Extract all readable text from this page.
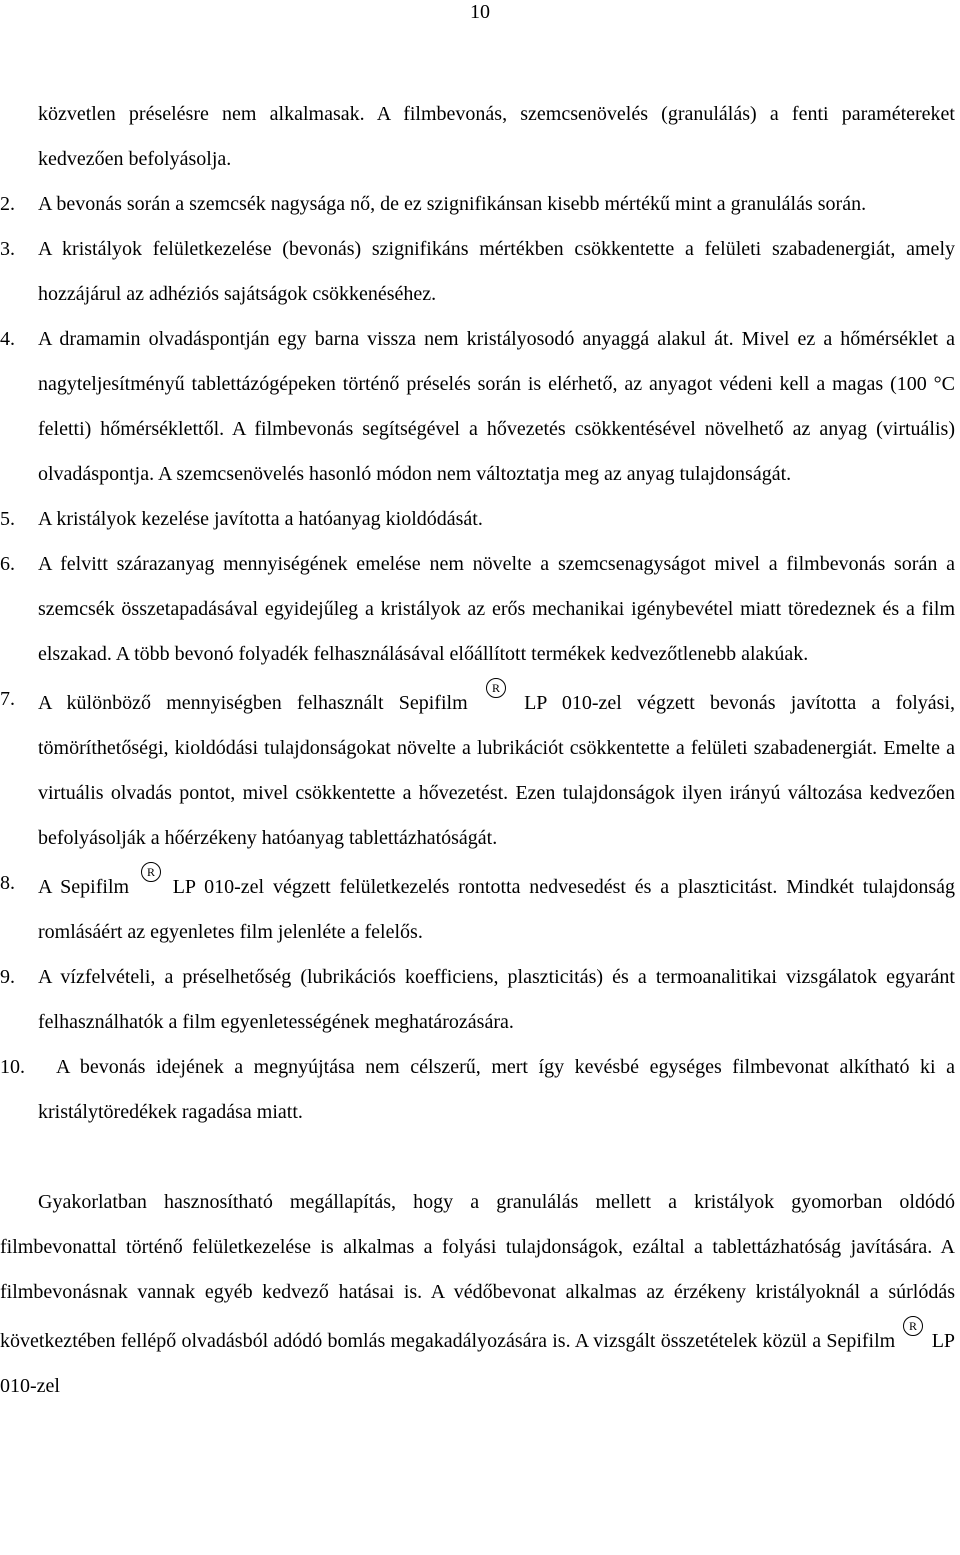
10

közvetlen préselésre nem alkalmasak. A filmbevonás, szemcsenövelés (granulálás) a fenti paramétereket kedvezően befolyásolja.

2.	A bevonás során a szemcsék nagysága nő, de ez szignifikánsan kisebb mértékű mint a granulálás során.
3.	A kristályok felületkezelése (bevonás) szignifikáns mértékben csökkentette a felületi szabadenergiát, amely hozzájárul az adhéziós sajátságok csökkenéséhez.
4.	A dramamin olvadáspontján egy barna vissza nem kristályosodó anyaggá alakul át. Mivel ez a hőmérséklet a nagyteljesítményű tablettázógépeken történő préselés során is elérhető, az anyagot védeni kell a magas (100 °C feletti) hőmérséklettől. A filmbevonás segítségével a hővezetés csökkentésével növelhető az anyag (virtuális) olvadáspontja. A szemcsenövelés hasonló módon nem változtatja meg az anyag tulajdonságát.
5.	A kristályok kezelése javította a hatóanyag kioldódását.
6.	A felvitt szárazanyag mennyiségének emelése nem növelte a szemcsenagyságot mivel a filmbevonás során a szemcsék összetapadásával egyidejűleg a kristályok az erős mechanikai igénybevétel miatt töredeznek és a film elszakad. A több bevonó folyadék felhasználásával előállított termékek kedvezőtlenebb alakúak.
7.	A különböző mennyiségben felhasznált Sepifilm
R
LP 010-zel végzett bevonás javította a folyási, tömöríthetőségi, kioldódási tulajdonságokat növelte a lubrikációt csökkentette a felületi szabadenergiát. Emelte a virtuális olvadás pontot, mivel csökkentette a hővezetést. Ezen tulajdonságok ilyen irányú változása kedvezően befolyásolják a hőérzékeny hatóanyag tablettázhatóságát.
8.	A Sepifilm
R
LP 010-zel végzett felületkezelés rontotta nedvesedést és a plaszticitást. Mindkét tulajdonság romlásáért az egyenletes film jelenléte a felelős.
9.	A vízfelvételi, a préselhetőség (lubrikációs koefficiens, plaszticitás) és a termoanalitikai vizsgálatok egyaránt felhasználhatók a film egyenletességének meghatározására.
10.	A bevonás idejének a megnyújtása nem célszerű, mert így kevésbé egységes filmbevonat alkítható ki a kristálytöredékek ragadása miatt.

Gyakorlatban hasznosítható megállapítás, hogy a granulálás mellett a kristályok gyomorban oldódó filmbevonattal történő felületkezelése is alkalmas a folyási tulajdonságok, ezáltal a tablettázhatóság javítására. A filmbevonásnak vannak egyéb kedvező hatásai is. A védőbevonat alkalmas az érzékeny kristályoknál a súrlódás következtében fellépő olvadásból adódó bomlás megakadályozására is. A vizsgált összetételek közül a Sepifilm
R
LP 010-zel
